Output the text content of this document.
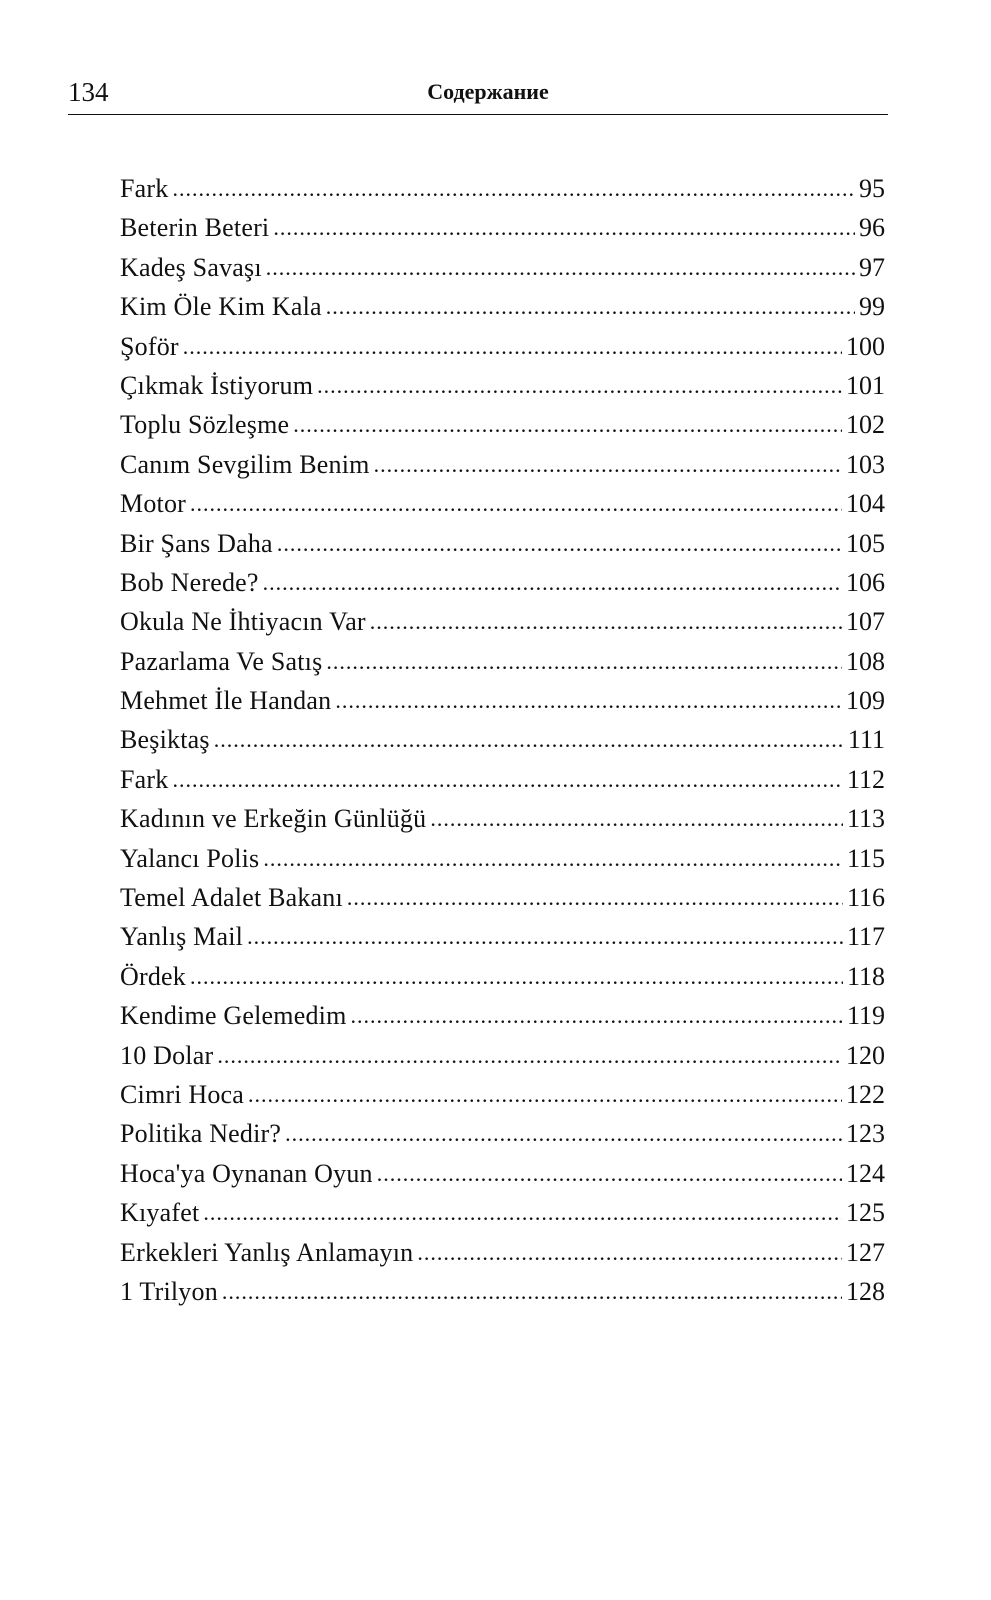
134	Содержание
Fark .....	95
Beterin Beteri .....	96
Kadeş Savaşı .....	97
Kim Öle Kim Kala .....	99
Şoför .....	100
Çıkmak İstiyorum .....	101
Toplu Sözleşme .....	102
Canım Sevgilim Benim .....	103
Motor .....	104
Bir Şans Daha .....	105
Bob Nerede? .....	106
Okula Ne İhtiyacın Var .....	107
Pazarlama Ve Satış .....	108
Mehmet İle Handan .....	109
Beşiktaş .....	111
Fark .....	112
Kadının ve Erkeğin Günlüğü .....	113
Yalancı Polis .....	115
Temel Adalet Bakanı .....	116
Yanlış Mail .....	117
Ördek .....	118
Kendime Gelemedim .....	119
10 Dolar .....	120
Cimri Hoca .....	122
Politika Nedir? .....	123
Hoca'ya Oynanan Oyun .....	124
Kıyafet .....	125
Erkekleri Yanlış Anlamayın .....	127
1 Trilyon .....	128
